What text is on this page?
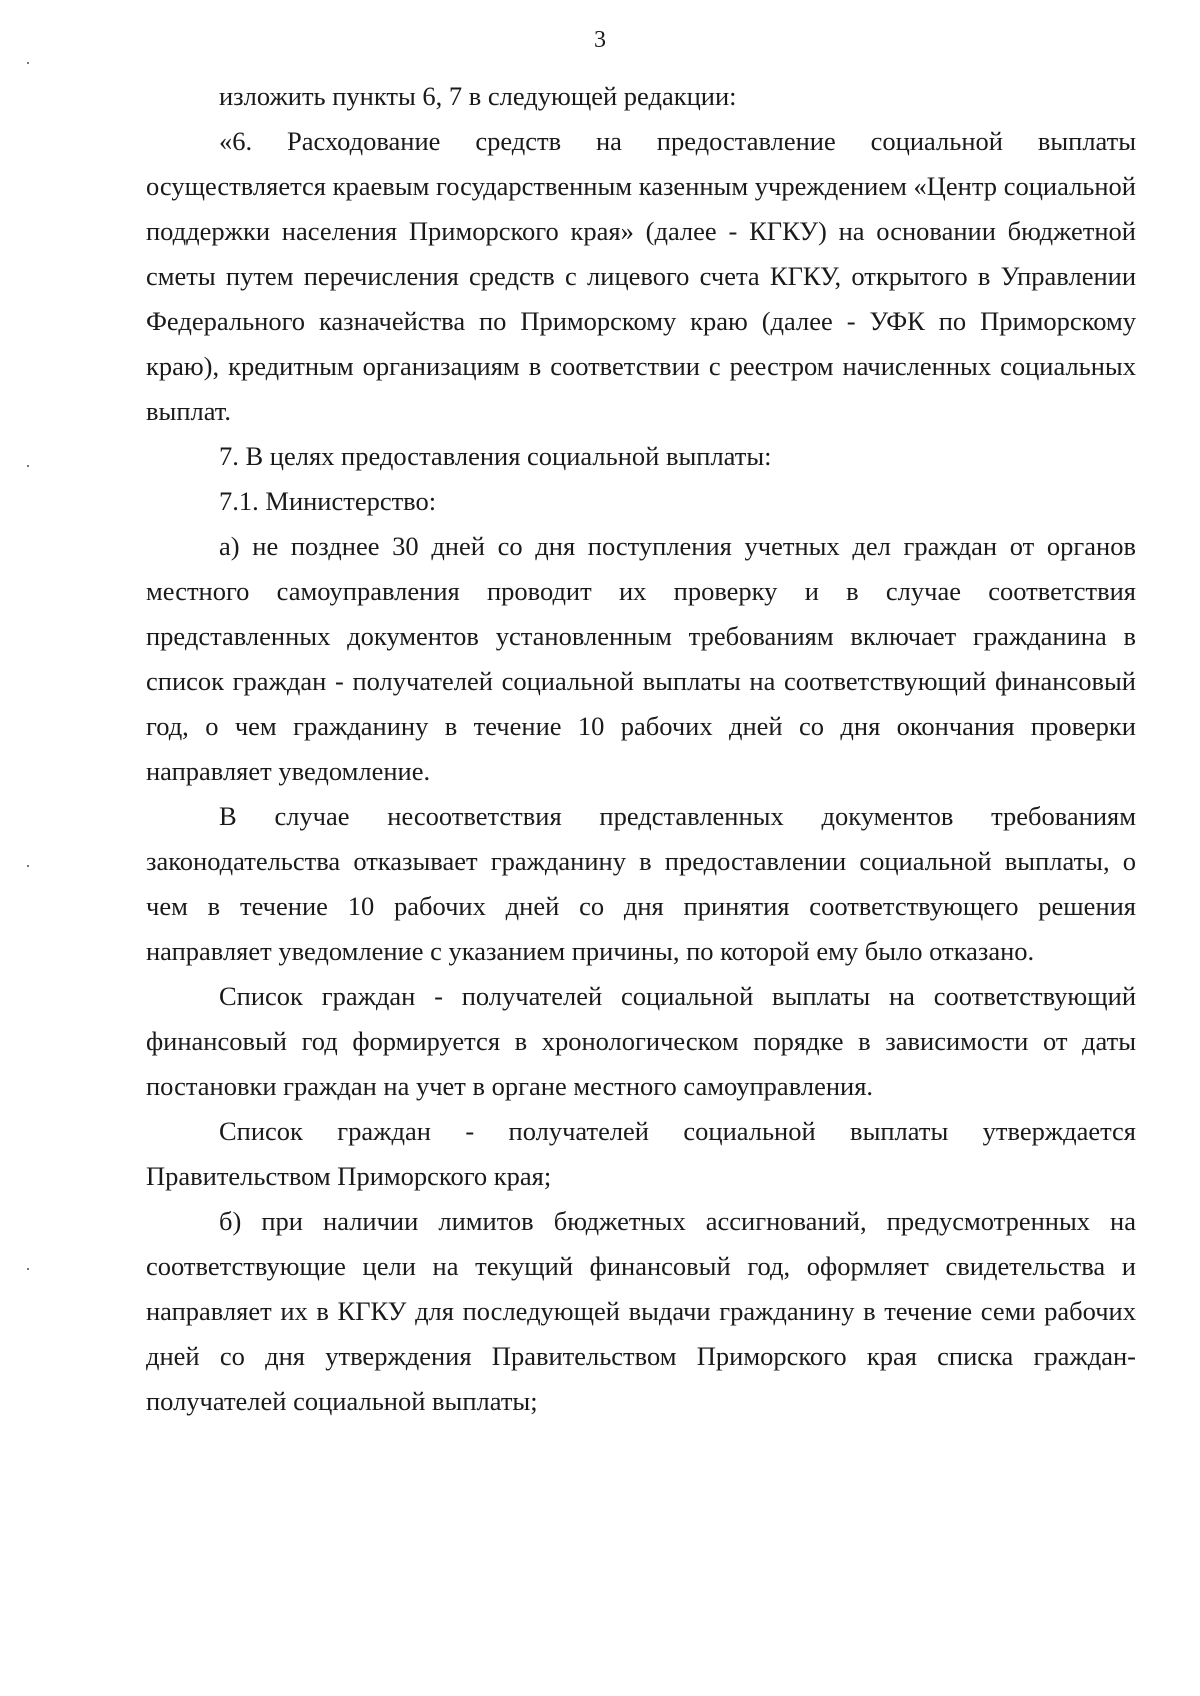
3

изложить пункты 6, 7 в следующей редакции:

«6. Расходование средств на предоставление социальной выплаты осуществляется краевым государственным казенным учреждением «Центр социальной поддержки населения Приморского края» (далее - КГКУ) на основании бюджетной сметы путем перечисления средств с лицевого счета КГКУ, открытого в Управлении Федерального казначейства по Приморскому краю (далее - УФК по Приморскому краю), кредитным организациям в соответствии с реестром начисленных социальных выплат.

7. В целях предоставления социальной выплаты:

7.1. Министерство:

а) не позднее 30 дней со дня поступления учетных дел граждан от органов местного самоуправления проводит их проверку и в случае соответствия представленных документов установленным требованиям включает гражданина в список граждан - получателей социальной выплаты на соответствующий финансовый год, о чем гражданину в течение 10 рабочих дней со дня окончания проверки направляет уведомление.

В случае несоответствия представленных документов требованиям законодательства отказывает гражданину в предоставлении социальной выплаты, о чем в течение 10 рабочих дней со дня принятия соответствующего решения направляет уведомление с указанием причины, по которой ему было отказано.

Список граждан - получателей социальной выплаты на соответствующий финансовый год формируется в хронологическом порядке в зависимости от даты постановки граждан на учет в органе местного самоуправления.

Список граждан - получателей социальной выплаты утверждается Правительством Приморского края;

б) при наличии лимитов бюджетных ассигнований, предусмотренных на соответствующие цели на текущий финансовый год, оформляет свидетельства и направляет их в КГКУ для последующей выдачи гражданину в течение семи рабочих дней со дня утверждения Правительством Приморского края списка граждан-получателей социальной выплаты;
